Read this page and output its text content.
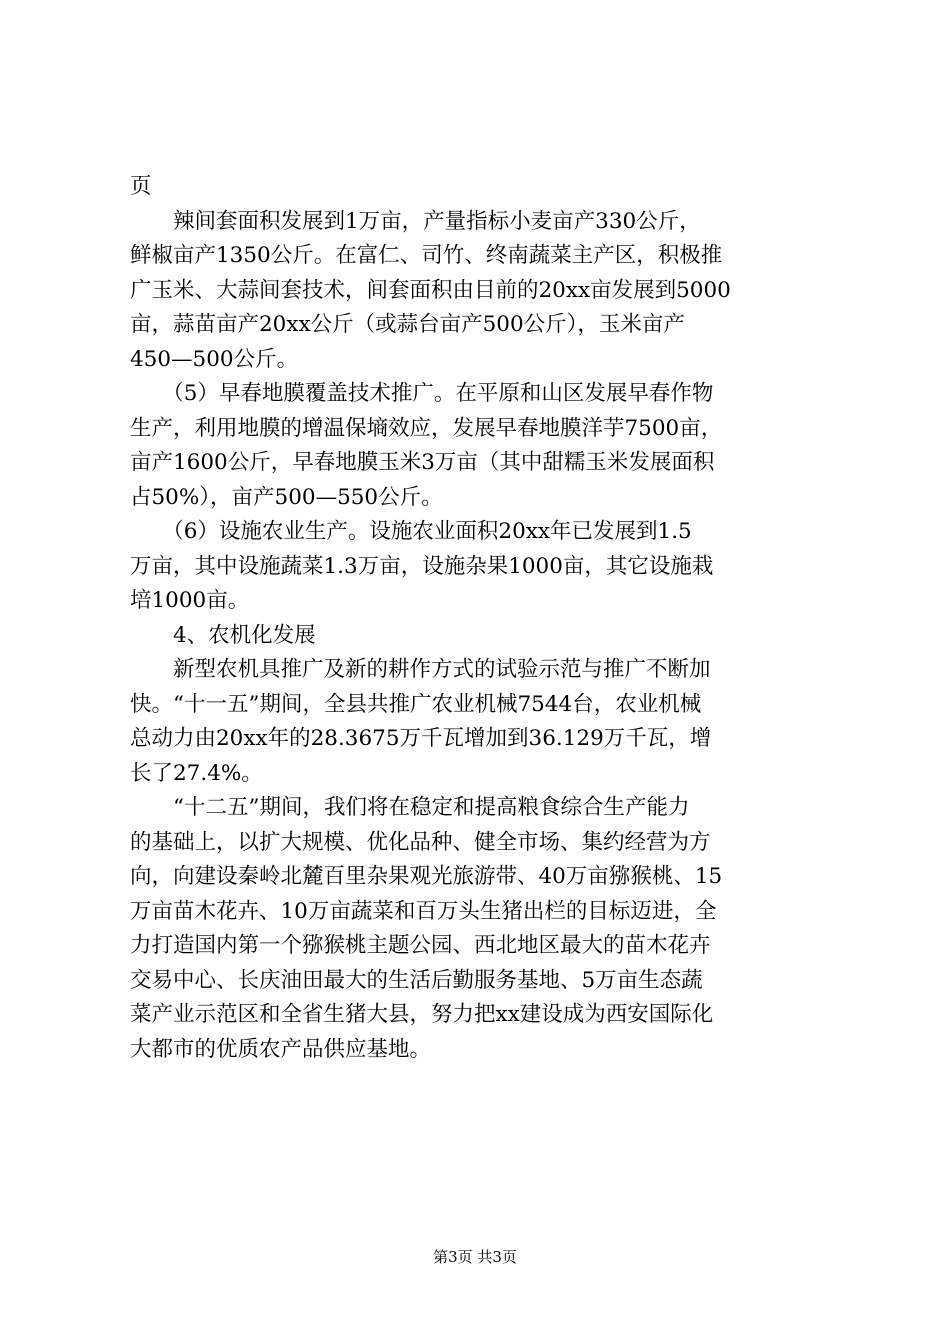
页
　　辣间套面积发展到1万亩，产量指标小麦亩产330公斤，
鲜椒亩产1350公斤。在富仁、司竹、终南蔬菜主产区，积极推
广玉米、大蒜间套技术，间套面积由目前的20xx亩发展到5000
亩，蒜苗亩产20xx公斤（或蒜台亩产500公斤），玉米亩产
450—500公斤。
　　（5）早春地膜覆盖技术推广。在平原和山区发展早春作物
生产，利用地膜的增温保墒效应，发展早春地膜洋芋7500亩，
亩产1600公斤，早春地膜玉米3万亩（其中甜糯玉米发展面积
占50%），亩产500—550公斤。
　　（6）设施农业生产。设施农业面积20xx年已发展到1.5
万亩，其中设施蔬菜1.3万亩，设施杂果1000亩，其它设施栽
培1000亩。
　　4、农机化发展
　　新型农机具推广及新的耕作方式的试验示范与推广不断加
快。“十一五”期间，全县共推广农业机械7544台，农业机械
总动力由20xx年的28.3675万千瓦增加到36.129万千瓦，增
长了27.4%。
　　“十二五”期间，我们将在稳定和提高粮食综合生产能力
的基础上，以扩大规模、优化品种、健全市场、集约经营为方
向，向建设秦岭北麓百里杂果观光旅游带、40万亩猕猴桃、15
万亩苗木花卉、10万亩蔬菜和百万头生猪出栏的目标迈进，全
力打造国内第一个猕猴桃主题公园、西北地区最大的苗木花卉
交易中心、长庆油田最大的生活后勤服务基地、5万亩生态蔬
菜产业示范区和全省生猪大县，努力把xx建设成为西安国际化
大都市的优质农产品供应基地。
第3页 共3页
